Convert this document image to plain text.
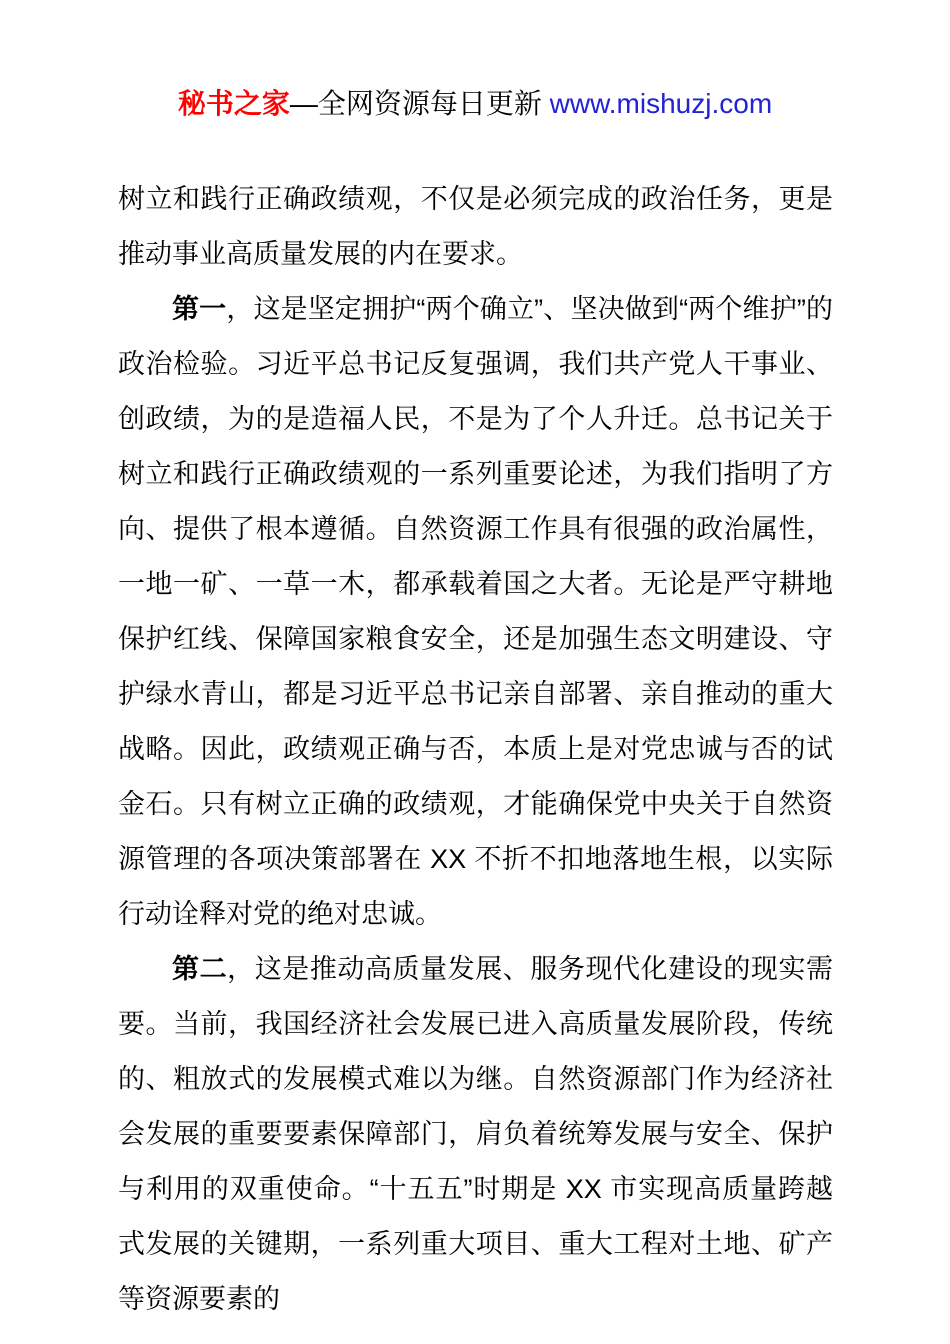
秘书之家—全网资源每日更新 www.mishuzj.com

树立和践行正确政绩观，不仅是必须完成的政治任务，更是推动事业高质量发展的内在要求。

第一，这是坚定拥护“两个确立”、坚决做到“两个维护”的政治检验。习近平总书记反复强调，我们共产党人干事业、创政绩，为的是造福人民，不是为了个人升迁。总书记关于树立和践行正确政绩观的一系列重要论述，为我们指明了方向、提供了根本遵循。自然资源工作具有很强的政治属性，一地一矿、一草一木，都承载着国之大者。无论是严守耕地保护红线、保障国家粮食安全，还是加强生态文明建设、守护绿水青山，都是习近平总书记亲自部署、亲自推动的重大战略。因此，政绩观正确与否，本质上是对党忠诚与否的试金石。只有树立正确的政绩观，才能确保党中央关于自然资源管理的各项决策部署在 XX 不折不扣地落地生根，以实际行动诠释对党的绝对忠诚。

第二，这是推动高质量发展、服务现代化建设的现实需要。当前，我国经济社会发展已进入高质量发展阶段，传统的、粗放式的发展模式难以为继。自然资源部门作为经济社会发展的重要要素保障部门，肩负着统筹发展与安全、保护与利用的双重使命。“十五五”时期是 XX 市实现高质量跨越式发展的关键期，一系列重大项目、重大工程对土地、矿产等资源要素的
